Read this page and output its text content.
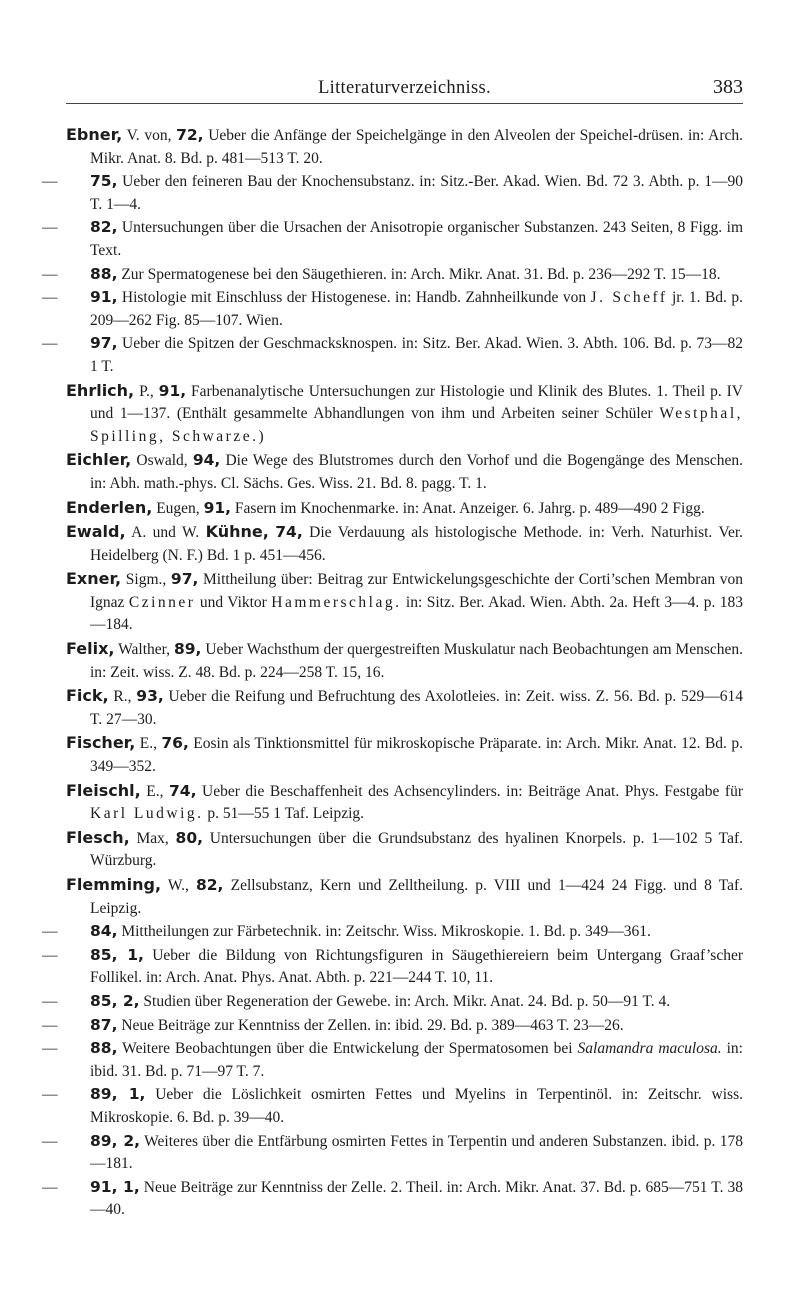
Litteraturverzeichniss.	383
Ebner, V. von, 72, Ueber die Anfänge der Speichelgänge in den Alveolen der Speichel-drüsen. in: Arch. Mikr. Anat. 8. Bd. p. 481—513 T. 20.
— 75, Ueber den feineren Bau der Knochensubstanz. in: Sitz.-Ber. Akad. Wien. Bd. 72 3. Abth. p. 1—90 T. 1—4.
— 82, Untersuchungen über die Ursachen der Anisotropie organischer Substanzen. 243 Seiten, 8 Figg. im Text.
— 88, Zur Spermatogenese bei den Säugethieren. in: Arch. Mikr. Anat. 31. Bd. p. 236—292 T. 15—18.
— 91, Histologie mit Einschluss der Histogenese. in: Handb. Zahnheilkunde von J. Scheff jr. 1. Bd. p. 209—262 Fig. 85—107. Wien.
— 97, Ueber die Spitzen der Geschmacksknospen. in: Sitz. Ber. Akad. Wien. 3. Abth. 106. Bd. p. 73—82 1 T.
Ehrlich, P., 91, Farbenanalytische Untersuchungen zur Histologie und Klinik des Blutes. 1. Theil p. IV und 1—137. (Enthält gesammelte Abhandlungen von ihm und Arbeiten seiner Schüler Westphal, Spilling, Schwarze.)
Eichler, Oswald, 94, Die Wege des Blutstromes durch den Vorhof und die Bogengänge des Menschen. in: Abh. math.-phys. Cl. Sächs. Ges. Wiss. 21. Bd. 8. pagg. T. 1.
Enderlen, Eugen, 91, Fasern im Knochenmarke. in: Anat. Anzeiger. 6. Jahrg. p. 489—490 2 Figg.
Ewald, A. und W. Kühne, 74, Die Verdauung als histologische Methode. in: Verh. Naturhist. Ver. Heidelberg (N. F.) Bd. 1 p. 451—456.
Exner, Sigm., 97, Mittheilung über: Beitrag zur Entwickelungsgeschichte der Corti’schen Membran von Ignaz Czinner und Viktor Hammerschlag. in: Sitz. Ber. Akad. Wien. Abth. 2a. Heft 3—4. p. 183—184.
Felix, Walther, 89, Ueber Wachsthum der quergestreiften Muskulatur nach Beobachtungen am Menschen. in: Zeit. wiss. Z. 48. Bd. p. 224—258 T. 15, 16.
Fick, R., 93, Ueber die Reifung und Befruchtung des Axolotleies. in: Zeit. wiss. Z. 56. Bd. p. 529—614 T. 27—30.
Fischer, E., 76, Eosin als Tinktionsmittel für mikroskopische Präparate. in: Arch. Mikr. Anat. 12. Bd. p. 349—352.
Fleischl, E., 74, Ueber die Beschaffenheit des Achsencylinders. in: Beiträge Anat. Phys. Festgabe für Karl Ludwig. p. 51—55 1 Taf. Leipzig.
Flesch, Max, 80, Untersuchungen über die Grundsubstanz des hyalinen Knorpels. p. 1—102 5 Taf. Würzburg.
Flemming, W., 82, Zellsubstanz, Kern und Zelltheilung. p. VIII und 1—424 24 Figg. und 8 Taf. Leipzig.
— 84, Mittheilungen zur Färbetechnik. in: Zeitschr. Wiss. Mikroskopie. 1. Bd. p. 349—361.
— 85, 1, Ueber die Bildung von Richtungsfiguren in Säugethiereiern beim Untergang Graaf’scher Follikel. in: Arch. Anat. Phys. Anat. Abth. p. 221—244 T. 10, 11.
— 85, 2, Studien über Regeneration der Gewebe. in: Arch. Mikr. Anat. 24. Bd. p. 50—91 T. 4.
— 87, Neue Beiträge zur Kenntniss der Zellen. in: ibid. 29. Bd. p. 389—463 T. 23—26.
— 88, Weitere Beobachtungen über die Entwickelung der Spermatosomen bei Salamandra maculosa. in: ibid. 31. Bd. p. 71—97 T. 7.
— 89, 1, Ueber die Löslichkeit osmirten Fettes und Myelins in Terpentinöl. in: Zeitschr. wiss. Mikroskopie. 6. Bd. p. 39—40.
— 89, 2, Weiteres über die Entfärbung osmirten Fettes in Terpentin und anderen Substanzen. ibid. p. 178—181.
— 91, 1, Neue Beiträge zur Kenntniss der Zelle. 2. Theil. in: Arch. Mikr. Anat. 37. Bd. p. 685—751 T. 38—40.
